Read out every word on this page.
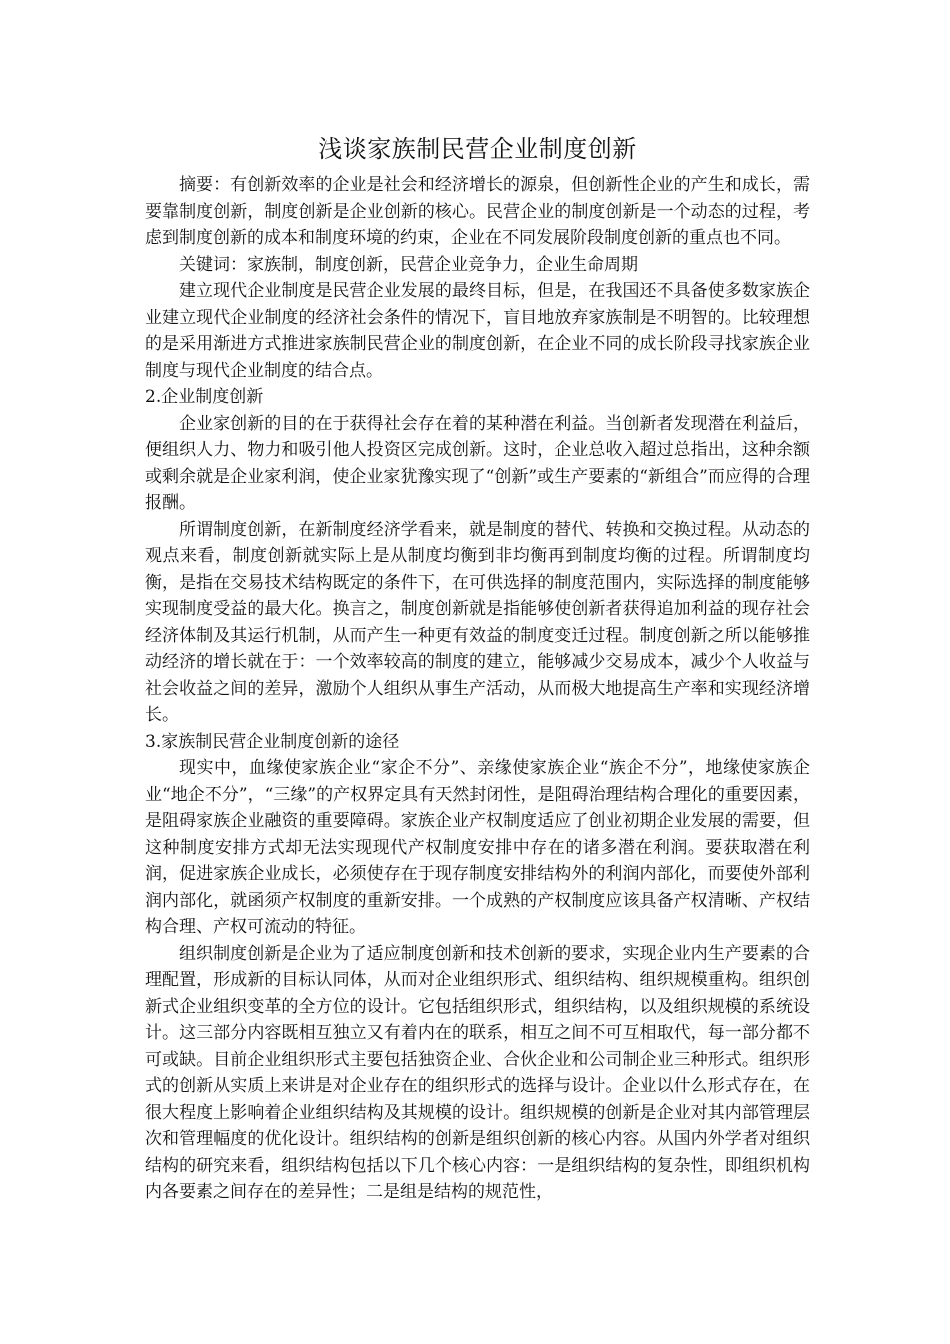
浅谈家族制民营企业制度创新

摘要：有创新效率的企业是社会和经济增长的源泉，但创新性企业的产生和成长，需要靠制度创新，制度创新是企业创新的核心。民营企业的制度创新是一个动态的过程，考虑到制度创新的成本和制度环境的约束，企业在不同发展阶段制度创新的重点也不同。

关键词：家族制，制度创新，民营企业竞争力，企业生命周期

建立现代企业制度是民营企业发展的最终目标，但是，在我国还不具备使多数家族企业建立现代企业制度的经济社会条件的情况下，盲目地放弃家族制是不明智的。比较理想的是采用渐进方式推进家族制民营企业的制度创新，在企业不同的成长阶段寻找家族企业制度与现代企业制度的结合点。

2.企业制度创新

企业家创新的目的在于获得社会存在着的某种潜在利益。当创新者发现潜在利益后，便组织人力、物力和吸引他人投资区完成创新。这时，企业总收入超过总指出，这种余额或剩余就是企业家利润，使企业家犹豫实现了“创新”或生产要素的“新组合”而应得的合理报酬。

所谓制度创新，在新制度经济学看来，就是制度的替代、转换和交换过程。从动态的观点来看，制度创新就实际上是从制度均衡到非均衡再到制度均衡的过程。所谓制度均衡，是指在交易技术结构既定的条件下，在可供选择的制度范围内，实际选择的制度能够实现制度受益的最大化。换言之，制度创新就是指能够使创新者获得追加利益的现存社会经济体制及其运行机制，从而产生一种更有效益的制度变迁过程。制度创新之所以能够推动经济的增长就在于：一个效率较高的制度的建立，能够减少交易成本，减少个人收益与社会收益之间的差异，激励个人组织从事生产活动，从而极大地提高生产率和实现经济增长。

3.家族制民营企业制度创新的途径

现实中，血缘使家族企业“家企不分”、亲缘使家族企业“族企不分”，地缘使家族企业“地企不分”，“三缘”的产权界定具有天然封闭性，是阻碍治理结构合理化的重要因素，是阻碍家族企业融资的重要障碍。家族企业产权制度适应了创业初期企业发展的需要，但这种制度安排方式却无法实现现代产权制度安排中存在的诸多潜在利润。要获取潜在利润，促进家族企业成长，必须使存在于现存制度安排结构外的利润内部化，而要使外部利润内部化，就函须产权制度的重新安排。一个成熟的产权制度应该具备产权清晰、产权结构合理、产权可流动的特征。

组织制度创新是企业为了适应制度创新和技术创新的要求，实现企业内生产要素的合理配置，形成新的目标认同体，从而对企业组织形式、组织结构、组织规模重构。组织创新式企业组织变革的全方位的设计。它包括组织形式，组织结构，以及组织规模的系统设计。这三部分内容既相互独立又有着内在的联系，相互之间不可互相取代，每一部分都不可或缺。目前企业组织形式主要包括独资企业、合伙企业和公司制企业三种形式。组织形式的创新从实质上来讲是对企业存在的组织形式的选择与设计。企业以什么形式存在，在很大程度上影响着企业组织结构及其规模的设计。组织规模的创新是企业对其内部管理层次和管理幅度的优化设计。组织结构的创新是组织创新的核心内容。从国内外学者对组织结构的研究来看，组织结构包括以下几个核心内容：一是组织结构的复杂性，即组织机构内各要素之间存在的差异性；二是组是结构的规范性，
